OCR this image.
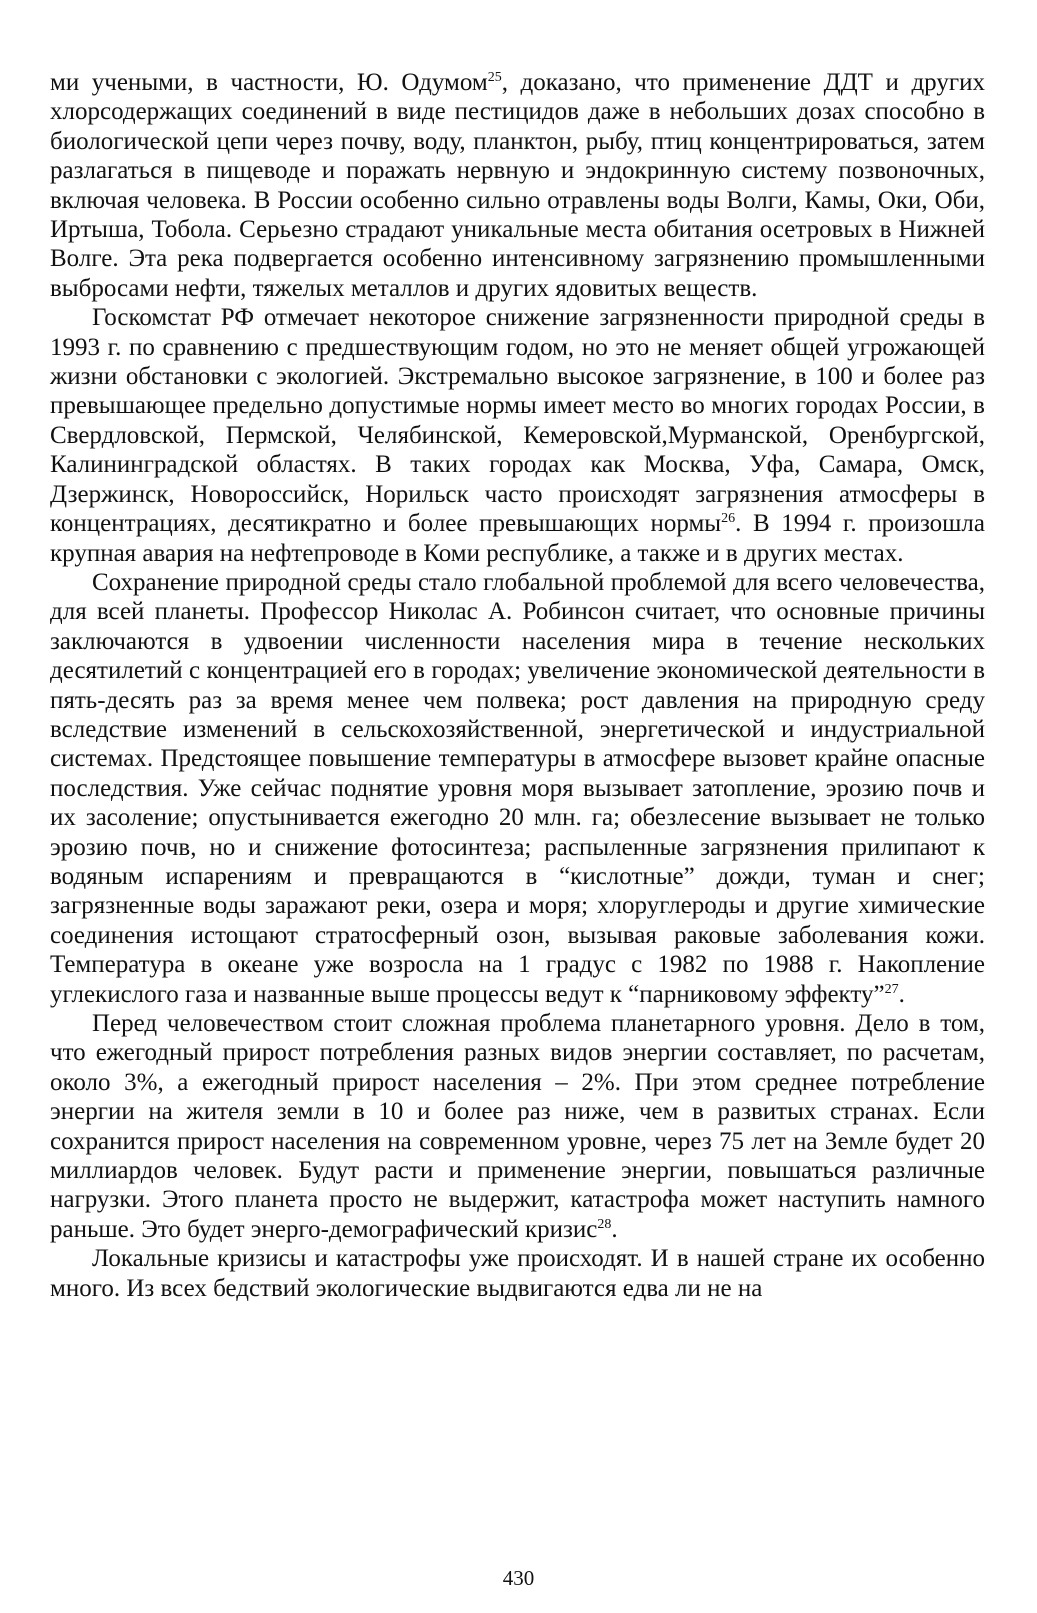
ми учеными, в частности, Ю. Одумом$^{25}$, доказано, что применение ДДТ и других хлорсодержащих соединений в виде пестицидов даже в небольших дозах способно в биологической цепи через почву, воду, планктон, рыбу, птиц концентрироваться, затем разлагаться в пищеводе и поражать нервную и эндокринную систему позвоночных, включая человека. В России особенно сильно отравлены воды Волги, Камы, Оки, Оби, Иртыша, Тобола. Серьезно страдают уникальные места обитания осетровых в Нижней Волге. Эта река подвергается особенно интенсивному загрязнению промышленными выбросами нефти, тяжелых металлов и других ядовитых веществ.

Госкомстат РФ отмечает некоторое снижение загрязненности природной среды в 1993 г. по сравнению с предшествующим годом, но это не меняет общей угрожающей жизни обстановки с экологией. Экстремально высокое загрязнение, в 100 и более раз превышающее предельно допустимые нормы имеет место во многих городах России, в Свердловской, Пермской, Челябинской, Кемеровской,Мурманской, Оренбургской, Калининградской областях. В таких городах как Москва, Уфа, Самара, Омск, Дзержинск, Новороссийск, Норильск часто происходят загрязнения атмосферы в концентрациях, десятикратно и более превышающих нормы$^{26}$. В 1994 г. произошла крупная авария на нефтепроводе в Коми республике, а также и в других местах.

Сохранение природной среды стало глобальной проблемой для всего человечества, для всей планеты. Профессор Николас А. Робинсон считает, что основные причины заключаются в удвоении численности населения мира в течение нескольких десятилетий с концентрацией его в городах; увеличение экономической деятельности в пять-десять раз за время менее чем полвека; рост давления на природную среду вследствие изменений в сельскохозяйственной, энергетической и индустриальной системах. Предстоящее повышение температуры в атмосфере вызовет крайне опасные последствия. Уже сейчас поднятие уровня моря вызывает затопление, эрозию почв и их засоление; опустынивается ежегодно 20 млн. га; обезлесение вызывает не только эрозию почв, но и снижение фотосинтеза; распыленные загрязнения прилипают к водяным испарениям и превращаются в “кислотные” дожди, туман и снег; загрязненные воды заражают реки, озера и моря; хлоруглероды и другие химические соединения истощают стратосферный озон, вызывая раковые заболевания кожи. Температура в океане уже возросла на 1 градус с 1982 по 1988 г. Накопление углекислого газа и названные выше процессы ведут к “парниковому эффекту”$^{27}$.

Перед человечеством стоит сложная проблема планетарного уровня. Дело в том, что ежегодный прирост потребления разных видов энергии составляет, по расчетам, около 3%, а ежегодный прирост населения – 2%. При этом среднее потребление энергии на жителя земли в 10 и более раз ниже, чем в развитых странах. Если сохранится прирост населения на современном уровне, через 75 лет на Земле будет 20 миллиардов человек. Будут расти и применение энергии, повышаться различные нагрузки. Этого планета просто не выдержит, катастрофа может наступить намного раньше. Это будет энерго-демографический кризис$^{28}$.

Локальные кризисы и катастрофы уже происходят. И в нашей стране их особенно много. Из всех бедствий экологические выдвигаются едва ли не на

430
